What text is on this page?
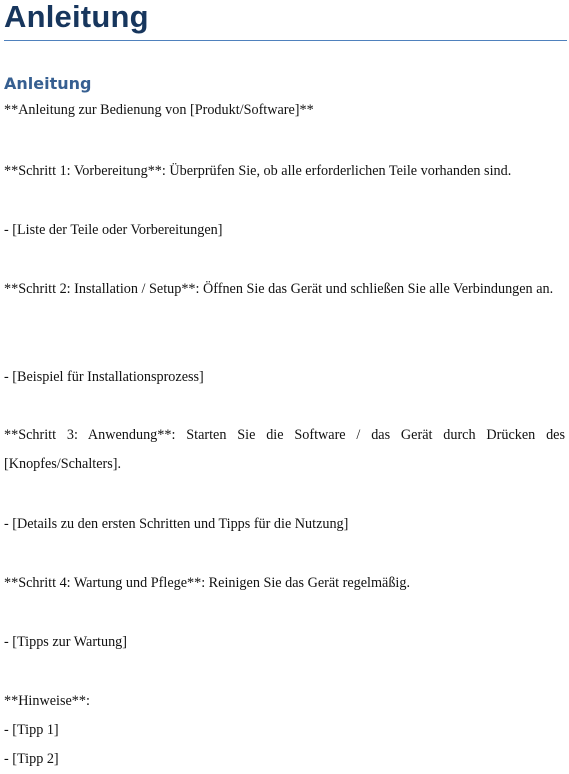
Anleitung
Anleitung

**Anleitung zur Bedienung von [Produkt/Software]**

**Schritt 1: Vorbereitung**: Überprüfen Sie, ob alle erforderlichen Teile vorhanden sind.

- [Liste der Teile oder Vorbereitungen]

**Schritt 2: Installation / Setup**: Öffnen Sie das Gerät und schließen Sie alle Verbindungen an.

- [Beispiel für Installationsprozess]

**Schritt 3: Anwendung**: Starten Sie die Software / das Gerät durch Drücken des [Knopfes/Schalters].

- [Details zu den ersten Schritten und Tipps für die Nutzung]

**Schritt 4: Wartung und Pflege**: Reinigen Sie das Gerät regelmäßig.

- [Tipps zur Wartung]

**Hinweise**:

- [Tipp 1]

- [Tipp 2]
